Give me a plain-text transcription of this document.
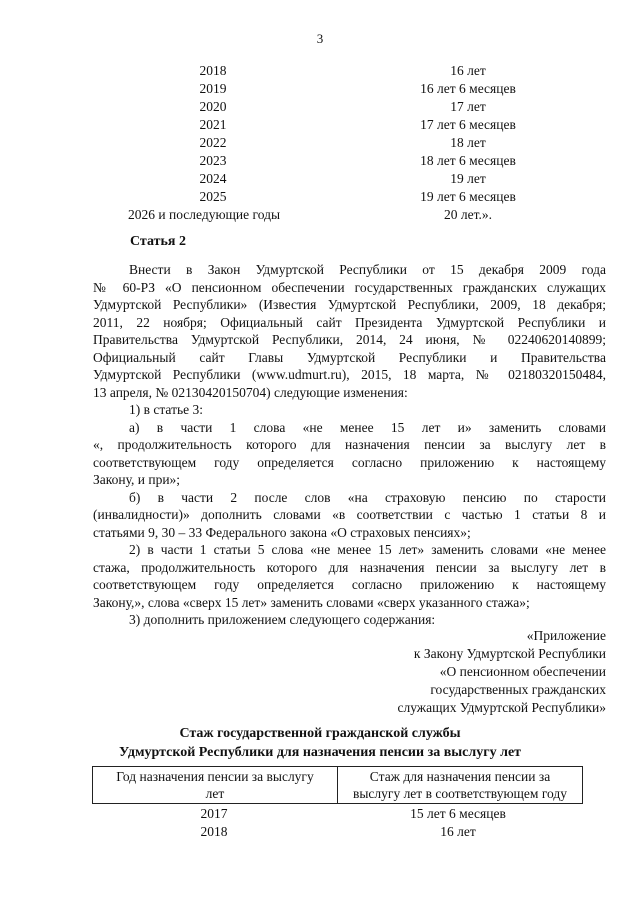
3
2018	16 лет
2019	16 лет 6 месяцев
2020	17 лет
2021	17 лет 6 месяцев
2022	18 лет
2023	18 лет 6 месяцев
2024	19 лет
2025	19 лет 6 месяцев
2026 и последующие годы	20 лет.».
Статья 2
Внести в Закон Удмуртской Республики от 15 декабря 2009 года
№ 60-РЗ «О пенсионном обеспечении государственных гражданских служащих
Удмуртской Республики» (Известия Удмуртской Республики, 2009, 18 декабря;
2011, 22 ноября; Официальный сайт Президента Удмуртской Республики и
Правительства Удмуртской Республики, 2014, 24 июня, № 02240620140899;
Официальный сайт Главы Удмуртской Республики и Правительства
Удмуртской Республики (www.udmurt.ru), 2015, 18 марта, № 02180320150484,
13 апреля, № 02130420150704) следующие изменения:
1) в статье 3:
а) в части 1 слова «не менее 15 лет и» заменить словами
«, продолжительность которого для назначения пенсии за выслугу лет в
соответствующем году определяется согласно приложению к настоящему
Закону, и при»;
б) в части 2 после слов «на страховую пенсию по старости
(инвалидности)» дополнить словами «в соответствии с частью 1 статьи 8 и
статьями 9, 30 – 33 Федерального закона «О страховых пенсиях»;
2) в части 1 статьи 5 слова «не менее 15 лет» заменить словами «не менее
стажа, продолжительность которого для назначения пенсии за выслугу лет в
соответствующем году определяется согласно приложению к настоящему
Закону,», слова «сверх 15 лет» заменить словами «сверх указанного стажа»;
3) дополнить приложением следующего содержания:
«Приложение
к Закону Удмуртской Республики
«О пенсионном обеспечении
государственных гражданских
служащих Удмуртской Республики»
Стаж государственной гражданской службы
Удмуртской Республики для назначения пенсии за выслугу лет
Год назначения пенсии за выслугу
лет

Стаж для назначения пенсии за
выслугу лет в соответствующем году
2017	15 лет 6 месяцев
2018	16 лет
